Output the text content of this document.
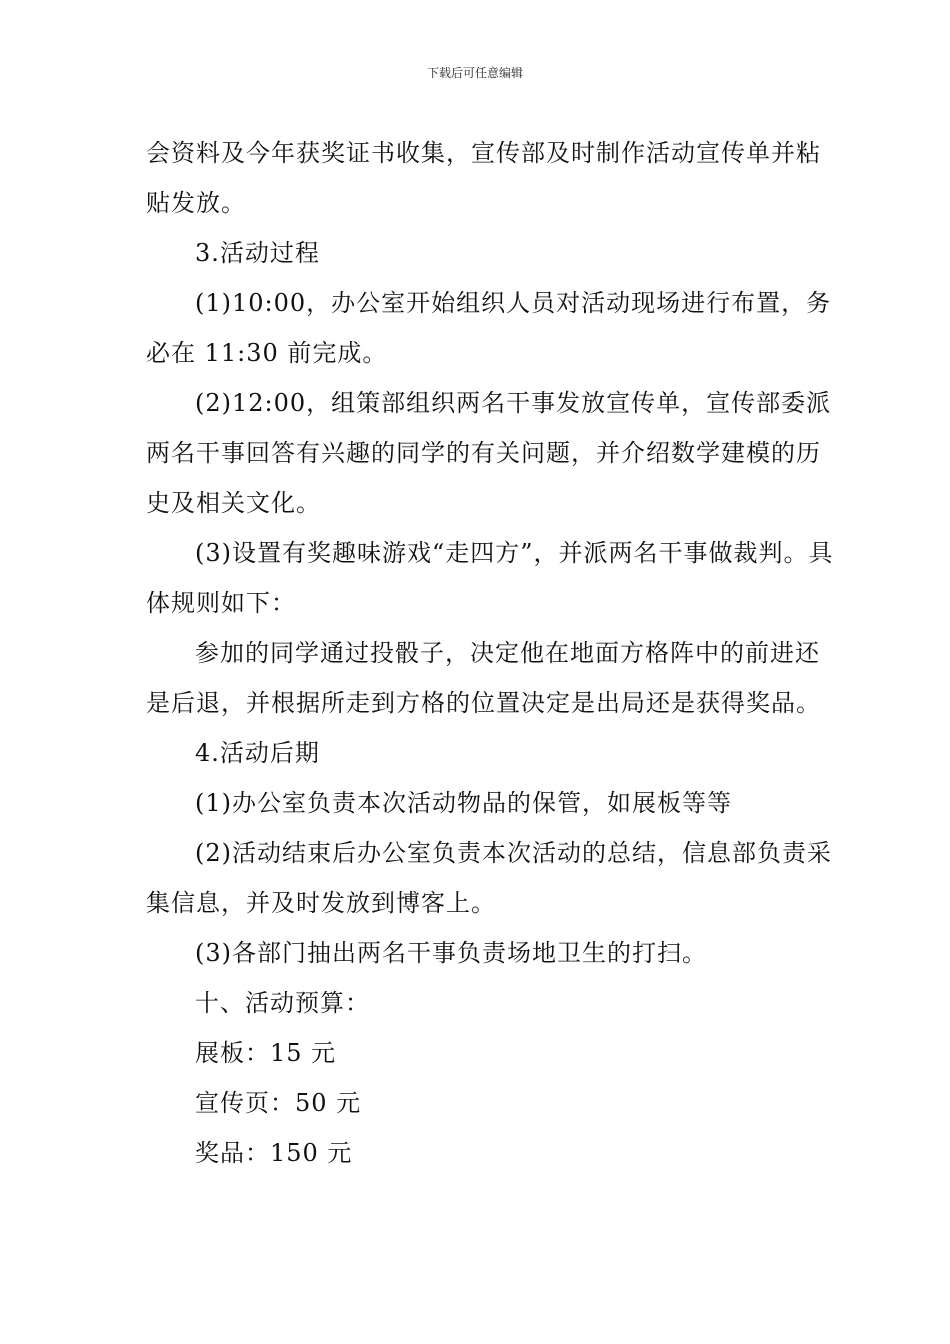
下载后可任意编辑

会资料及今年获奖证书收集，宣传部及时制作活动宣传单并粘贴发放。

3.活动过程

(1)10:00，办公室开始组织人员对活动现场进行布置，务必在 11:30 前完成。

(2)12:00，组策部组织两名干事发放宣传单，宣传部委派两名干事回答有兴趣的同学的有关问题，并介绍数学建模的历史及相关文化。

(3)设置有奖趣味游戏“走四方”，并派两名干事做裁判。具体规则如下：

参加的同学通过投骰子，决定他在地面方格阵中的前进还是后退，并根据所走到方格的位置决定是出局还是获得奖品。

4.活动后期

(1)办公室负责本次活动物品的保管，如展板等等

(2)活动结束后办公室负责本次活动的总结，信息部负责采集信息，并及时发放到博客上。

(3)各部门抽出两名干事负责场地卫生的打扫。

十、活动预算：

展板：15 元

宣传页：50 元

奖品：150 元
